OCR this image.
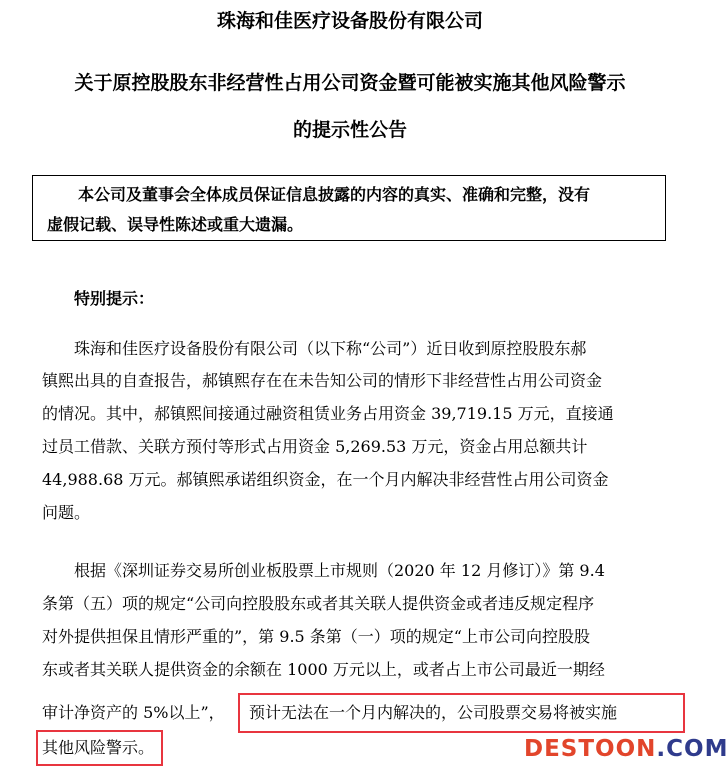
珠海和佳医疗设备股份有限公司
关于原控股股东非经营性占用公司资金暨可能被实施其他风险警示
的提示性公告
本公司及董事会全体成员保证信息披露的内容的真实、准确和完整，没有
虚假记载、误导性陈述或重大遗漏。
特别提示：
珠海和佳医疗设备股份有限公司（以下称“公司”）近日收到原控股股东郝
镇熙出具的自查报告，郝镇熙存在在未告知公司的情形下非经营性占用公司资金
的情况。其中，郝镇熙间接通过融资租赁业务占用资金 39,719.15 万元，直接通
过员工借款、关联方预付等形式占用资金 5,269.53 万元，资金占用总额共计
44,988.68 万元。郝镇熙承诺组织资金，在一个月内解决非经营性占用公司资金
问题。
根据《深圳证券交易所创业板股票上市规则（2020 年 12 月修订）》第 9.4
条第（五）项的规定“公司向控股股东或者其关联人提供资金或者违反规定程序
对外提供担保且情形严重的”，第 9.5 条第（一）项的规定“上市公司向控股股
东或者其关联人提供资金的余额在 1000 万元以上，或者占上市公司最近一期经
审计净资产的 5%以上”， 预计无法在一个月内解决的，公司股票交易将被实施
其他风险警示。	DESTOON.COM
